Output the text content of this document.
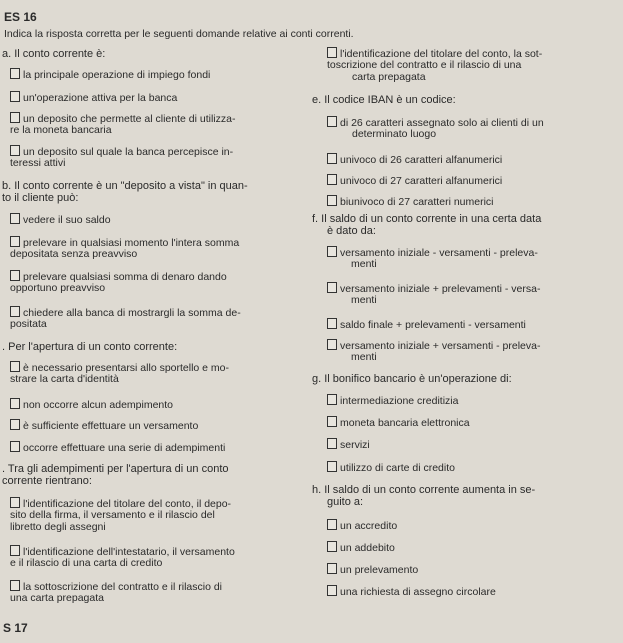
ES 16
Indica la risposta corretta per le seguenti domande relative ai conti correnti.
a. Il conto corrente è:
la principale operazione di impiego fondi
un'operazione attiva per la banca
un deposito che permette al cliente di utilizza-
re la moneta bancaria
un deposito sul quale la banca percepisce in-
teressi attivi
b. Il conto corrente è un "deposito a vista" in quan-
to il cliente può:
vedere il suo saldo
prelevare in qualsiasi momento l'intera somma
depositata senza preavviso
prelevare qualsiasi somma di denaro dando
opportuno preavviso
chiedere alla banca di mostrargli la somma de-
positata
. Per l'apertura di un conto corrente:
è necessario presentarsi allo sportello e mo-
strare la carta d'identità
non occorre alcun adempimento
è sufficiente effettuare un versamento
occorre effettuare una serie di adempimenti
. Tra gli adempimenti per l'apertura di un conto
corrente rientrano:
l'identificazione del titolare del conto, il depo-
sito della firma, il versamento e il rilascio del
libretto degli assegni
l'identificazione dell'intestatario, il versamento
e il rilascio di una carta di credito
la sottoscrizione del contratto e il rilascio di
una carta prepagata
S 17
l'identificazione del titolare del conto, la sot-
toscrizione del contratto e il rilascio di una
carta prepagata
e. Il codice IBAN è un codice:
di 26 caratteri assegnato solo ai clienti di un
determinato luogo
univoco di 26 caratteri alfanumerici
univoco di 27 caratteri alfanumerici
biunivoco di 27 caratteri numerici
f. Il saldo di un conto corrente in una certa data
è dato da:
versamento iniziale - versamenti - preleva-
menti
versamento iniziale + prelevamenti - versa-
menti
saldo finale + prelevamenti - versamenti
versamento iniziale + versamenti - preleva-
menti
g. Il bonifico bancario è un'operazione di:
intermediazione creditizia
moneta bancaria elettronica
servizi
utilizzo di carte di credito
h. Il saldo di un conto corrente aumenta in se-
guito a:
un accredito
un addebito
un prelevamento
una richiesta di assegno circolare
